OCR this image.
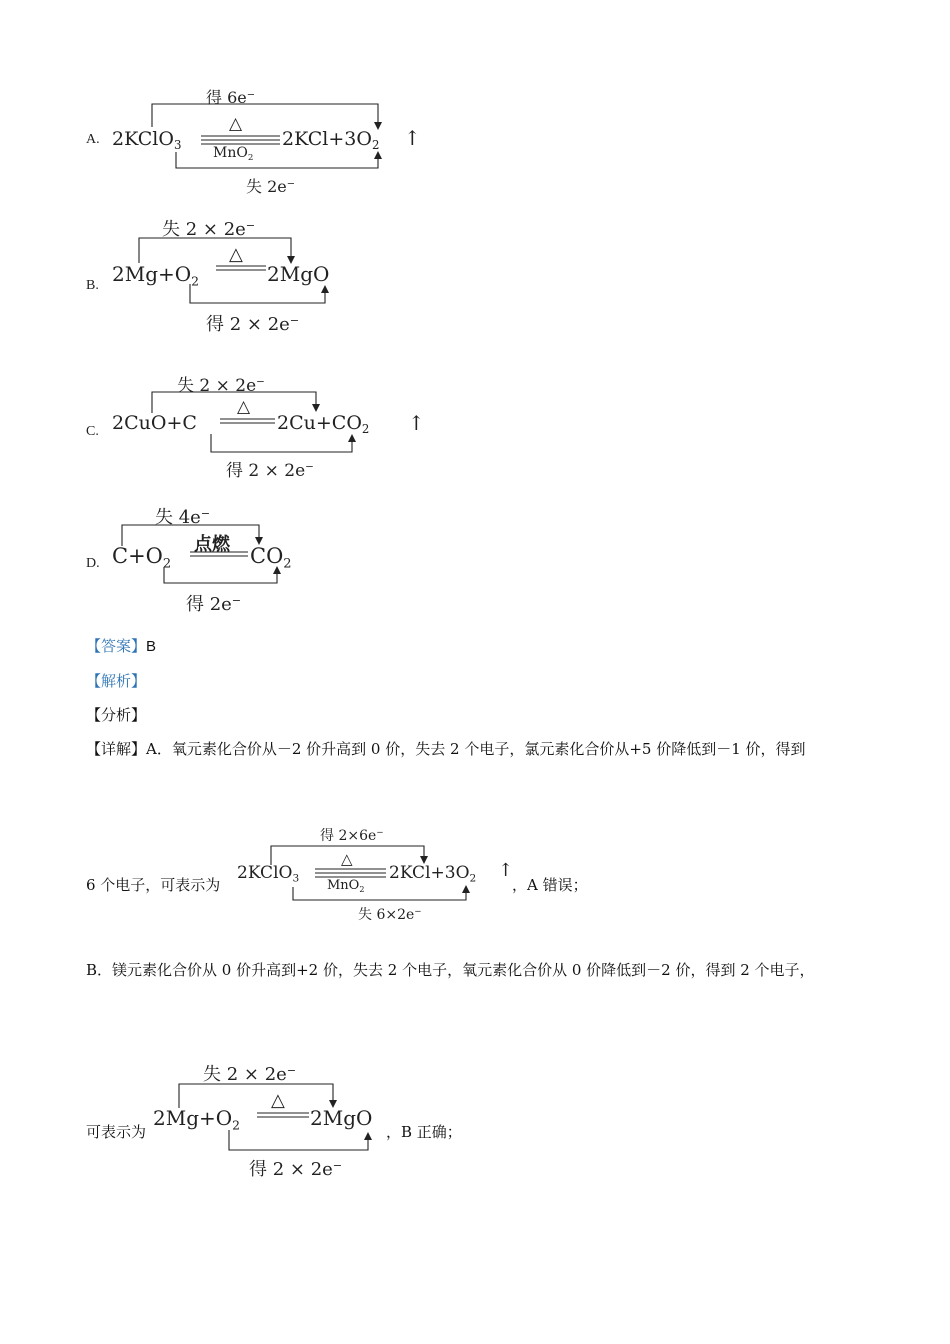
A.
得 6e−
2KClO$_3$
△
MnO$_2$
$2KCl+3O_2$ ↑
失 2e−
B.
失 2 × 2e−
$2Mg+O_2$
△
2MgO
得 2 × 2e−
C.
失 2 × 2e−
2CuO+C
△
$2Cu+CO_2$ ↑
得 2 × 2e−
D.
失 4e−
$C+O_2$
点燃 $CO_2$
得 2e−
【答案】B
【解析】
【分析】
【详解】A．氧元素化合价从－2 价升高到 0 价，失去 2 个电子，氯元素化合价从+5 价降低到－1 价，得到
6 个电子，可表示为
得 2×6e−
2KClO$_3$
△
MnO$_2$
$2KCl+3O_2$ ↑
失 6×2e−
，A 错误；
B．镁元素化合价从 0 价升高到+2 价，失去 2 个电子，氧元素化合价从 0 价降低到－2 价，得到 2 个电子，
可表示为
失 2 × 2e−
$2Mg+O_2$
△
2MgO
得 2 × 2e−
，B 正确；
